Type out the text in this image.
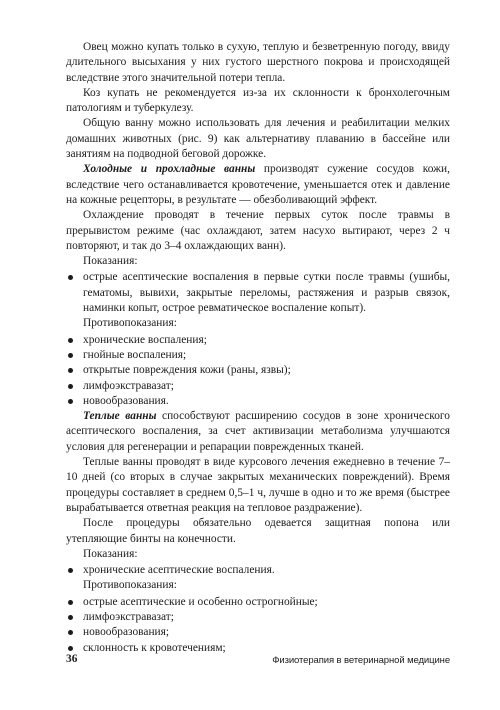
Овец можно купать только в сухую, теплую и безветренную погоду, ввиду длительного высыхания у них густого шерстного покрова и происходящей вследствие этого значительной потери тепла.

Коз купать не рекомендуется из-за их склонности к бронхолегочным патологиям и туберкулезу.

Общую ванну можно использовать для лечения и реабилитации мелких домашних животных (рис. 9) как альтернативу плаванию в бассейне или занятиям на подводной беговой дорожке.

Холодные и прохладные ванны производят сужение сосудов кожи, вследствие чего останавливается кровотечение, уменьшается отек и давление на кожные рецепторы, в результате — обезболивающий эффект.

Охлаждение проводят в течение первых суток после травмы в прерывистом режиме (час охлаждают, затем насухо вытирают, через 2 ч повторяют, и так до 3–4 охлаждающих ванн).

Показания:

острые асептические воспаления в первые сутки после травмы (ушибы, гематомы, вывихи, закрытые переломы, растяжения и разрыв связок, наминки копыт, острое ревматическое воспаление копыт).

Противопоказания:

хронические воспаления;
гнойные воспаления;
открытые повреждения кожи (раны, язвы);
лимфоэкстравазат;
новообразования.

Теплые ванны способствуют расширению сосудов в зоне хронического асептического воспаления, за счет активизации метаболизма улучшаются условия для регенерации и репарации поврежденных тканей.

Теплые ванны проводят в виде курсового лечения ежедневно в течение 7–10 дней (со вторых в случае закрытых механических повреждений). Время процедуры составляет в среднем 0,5–1 ч, лучше в одно и то же время (быстрее вырабатывается ответная реакция на тепловое раздражение).

После процедуры обязательно одевается защитная попона или утепляющие бинты на конечности.

Показания:

хронические асептические воспаления.

Противопоказания:

острые асептические и особенно острогнойные;
лимфоэкстравазат;
новообразования;
склонность к кровотечениям;
36	Физиотерапия в ветеринарной медицине
